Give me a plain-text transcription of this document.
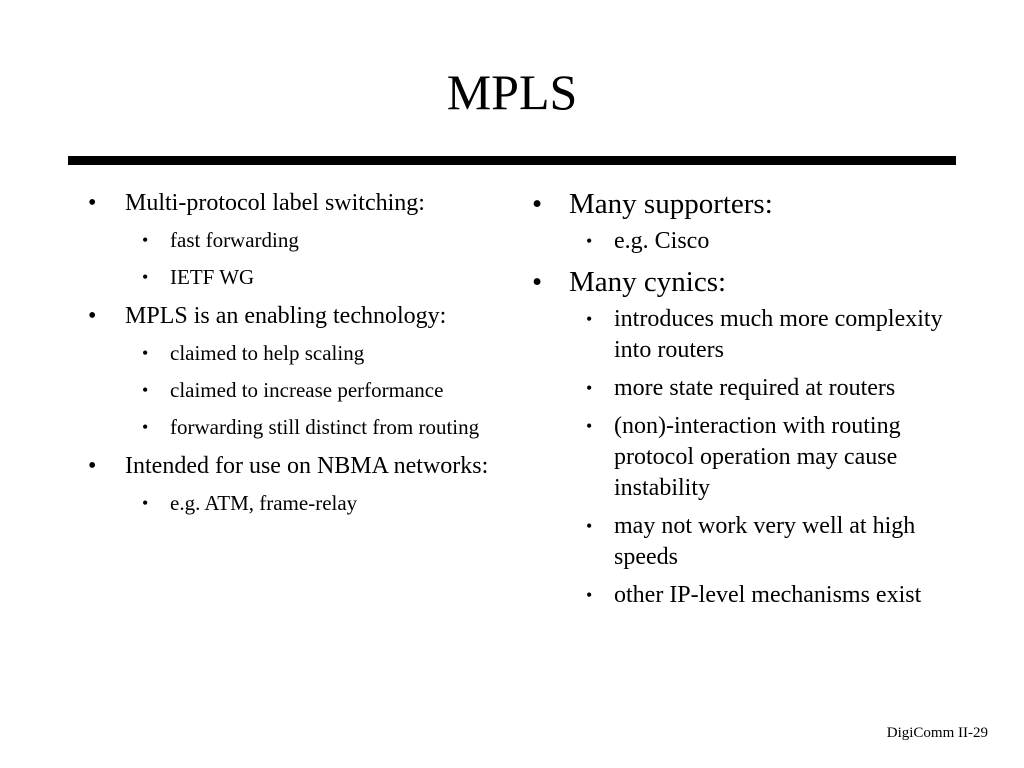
MPLS
• Multi-protocol label switching:
• fast forwarding
• IETF WG
• MPLS is an enabling technology:
• claimed to help scaling
• claimed to increase performance
• forwarding still distinct from routing
• Intended for use on NBMA networks:
• e.g. ATM, frame-relay
• Many supporters:
• e.g. Cisco
• Many cynics:
• introduces much more complexity into routers
• more state required at routers
• (non)-interaction with routing protocol operation may cause instability
• may not work very well at high speeds
• other IP-level mechanisms exist
DigiComm II-29
